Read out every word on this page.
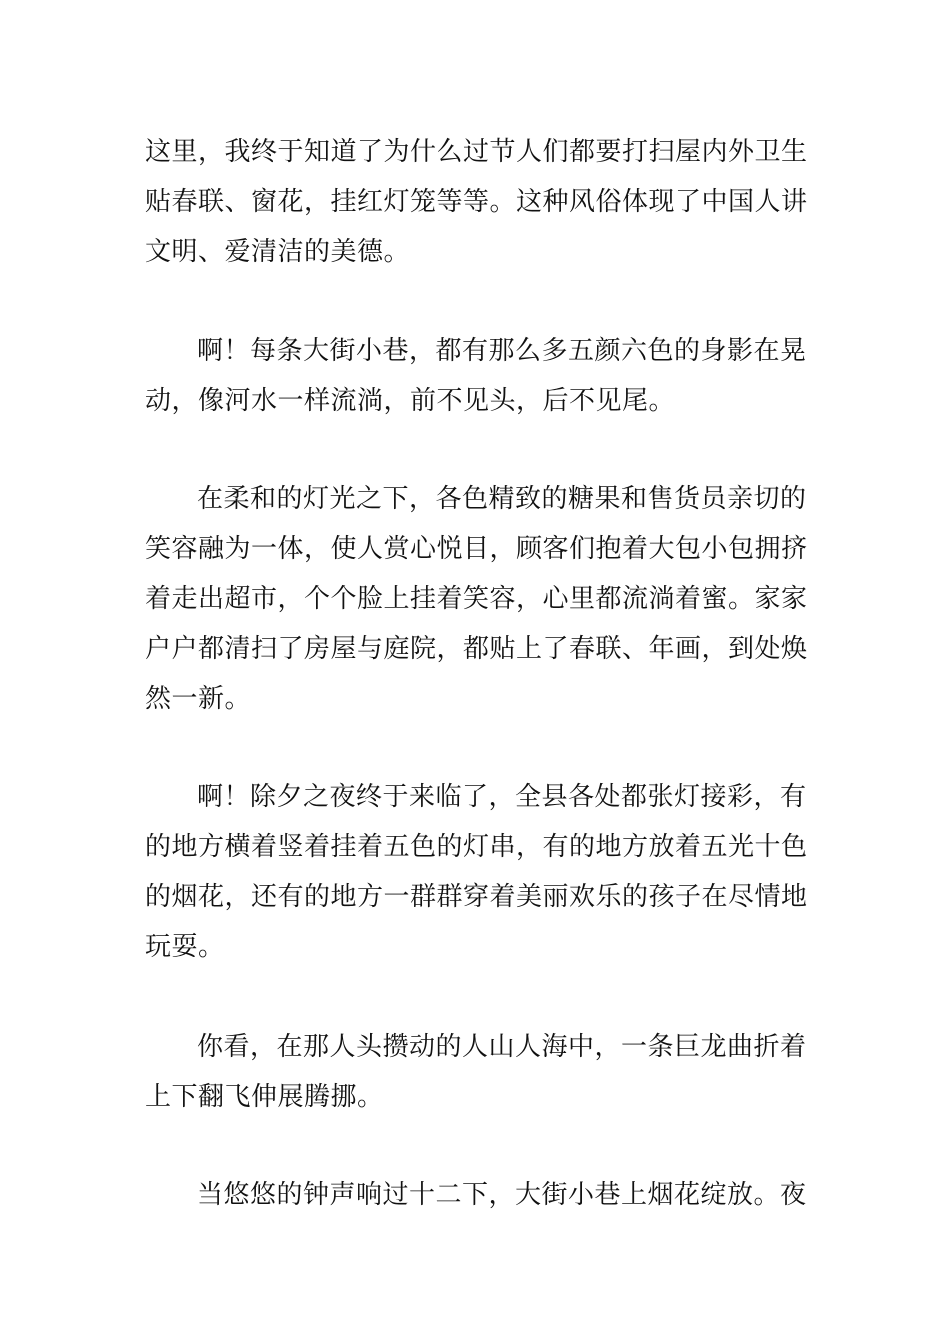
这里，我终于知道了为什么过节人们都要打扫屋内外卫生
贴春联、窗花，挂红灯笼等等。这种风俗体现了中国人讲
文明、爱清洁的美德。
啊！每条大街小巷，都有那么多五颜六色的身影在晃
动，像河水一样流淌，前不见头，后不见尾。
在柔和的灯光之下，各色精致的糖果和售货员亲切的
笑容融为一体，使人赏心悦目，顾客们抱着大包小包拥挤
着走出超市，个个脸上挂着笑容，心里都流淌着蜜。家家
户户都清扫了房屋与庭院，都贴上了春联、年画，到处焕
然一新。
啊！除夕之夜终于来临了，全县各处都张灯接彩，有
的地方横着竖着挂着五色的灯串，有的地方放着五光十色
的烟花，还有的地方一群群穿着美丽欢乐的孩子在尽情地
玩耍。
你看，在那人头攒动的人山人海中，一条巨龙曲折着
上下翻飞伸展腾挪。
当悠悠的钟声响过十二下，大街小巷上烟花绽放。夜
